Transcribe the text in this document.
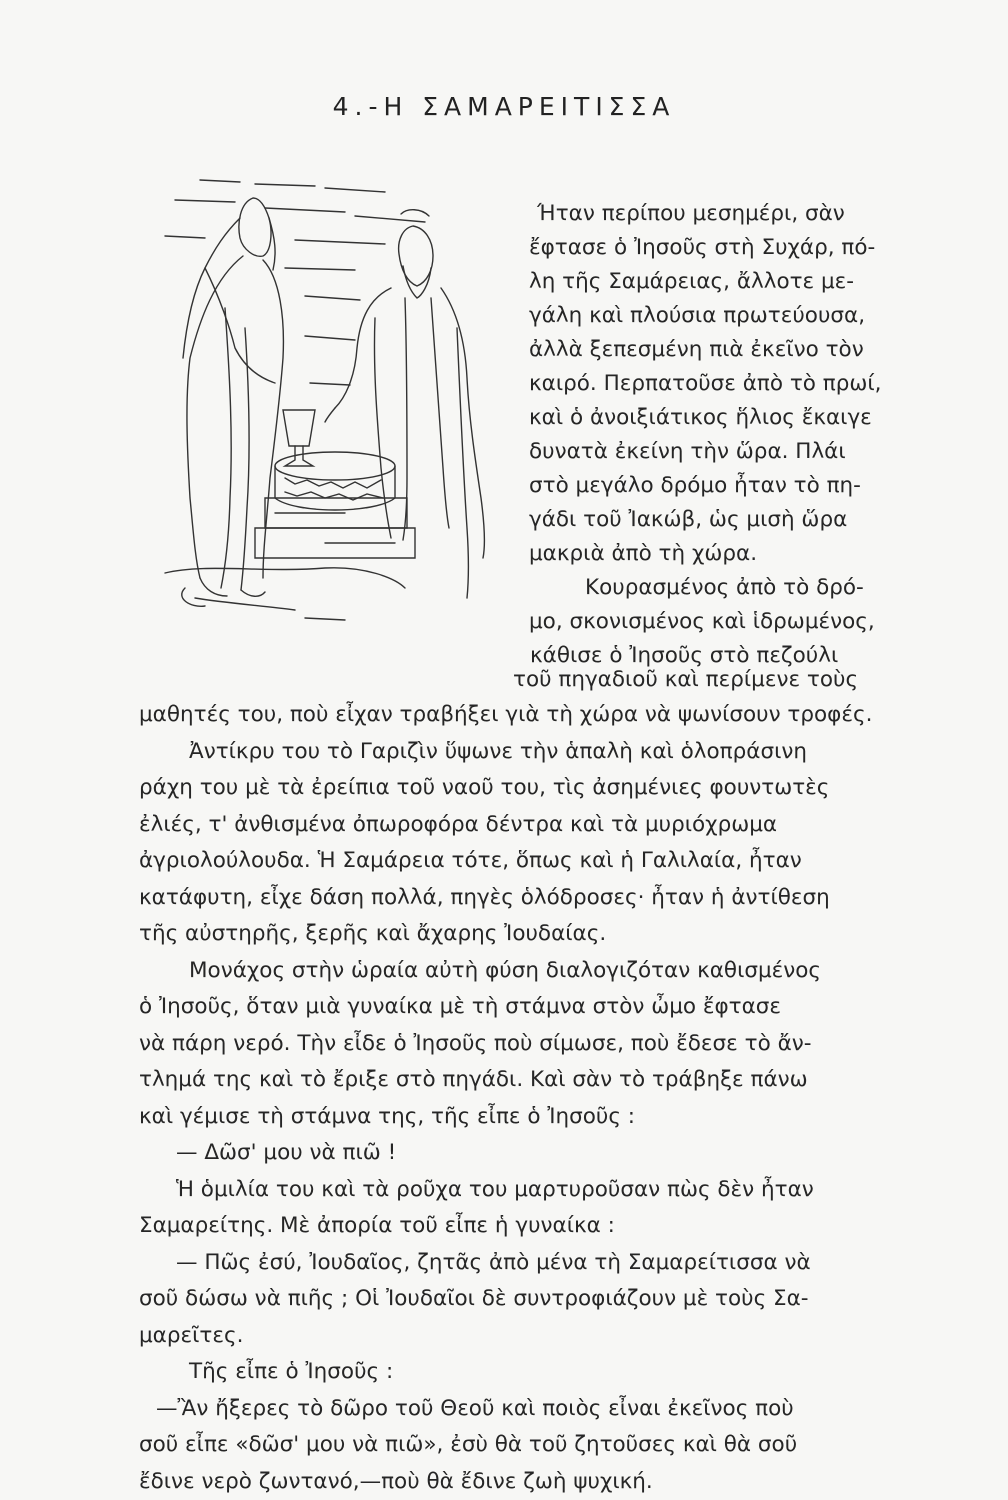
4.-Η ΣΑΜΑΡΕΙΤΙΣΣΑ
Ήταν περίπου μεσημέρι, σὰν
ἔφτασε ὁ Ἰησοῦς στὴ Συχάρ, πό-
λη τῆς Σαμάρειας, ἄλλοτε με-
γάλη καὶ πλούσια πρωτεύουσα,
ἀλλὰ ξεπεσμένη πιὰ ἐκεῖνο τὸν
καιρό. Περπατοῦσε ἀπὸ τὸ πρωί,
καὶ ὁ ἀνοιξιάτικος ἥλιος ἔκαιγε
δυνατὰ ἐκείνη τὴν ὥρα. Πλάι
στὸ μεγάλο δρόμο ἦταν τὸ πη-
γάδι τοῦ Ἰακώβ, ὡς μισὴ ὥρα
μακριὰ ἀπὸ τὴ χώρα.
Κουρασμένος ἀπὸ τὸ δρό-
μο, σκονισμένος καὶ ἱδρωμένος,
κάθισε ὁ Ἰησοῦς στὸ πεζούλι
τοῦ πηγαδιοῦ καὶ περίμενε τοὺς
μαθητές του, ποὺ εἶχαν τραβήξει γιὰ τὴ χώρα νὰ ψωνίσουν τροφές.
Ἀντίκρυ του τὸ Γαριζὶν ὕψωνε τὴν ἁπαλὴ καὶ ὁλοπράσινη
ράχη του μὲ τὰ ἐρείπια τοῦ ναοῦ του, τὶς ἀσημένιες φουντωτὲς
ἐλιές, τ' ἀνθισμένα ὀπωροφόρα δέντρα καὶ τὰ μυριόχρωμα
ἀγριολούλουδα. Ἡ Σαμάρεια τότε, ὅπως καὶ ἡ Γαλιλαία, ἦταν
κατάφυτη, εἶχε δάση πολλά, πηγὲς ὁλόδροσες· ἦταν ἡ ἀντίθεση
τῆς αὐστηρῆς, ξερῆς καὶ ἄχαρης Ἰουδαίας.
Μονάχος στὴν ὡραία αὐτὴ φύση διαλογιζόταν καθισμένος
ὁ Ἰησοῦς, ὅταν μιὰ γυναίκα μὲ τὴ στάμνα στὸν ὦμο ἔφτασε
νὰ πάρη νερό. Τὴν εἶδε ὁ Ἰησοῦς ποὺ σίμωσε, ποὺ ἔδεσε τὸ ἄν-
τλημά της καὶ τὸ ἔριξε στὸ πηγάδι. Καὶ σὰν τὸ τράβηξε πάνω
καὶ γέμισε τὴ στάμνα της, τῆς εἶπε ὁ Ἰησοῦς :
— Δῶσ' μου νὰ πιῶ !
Ἡ ὁμιλία του καὶ τὰ ροῦχα του μαρτυροῦσαν πὼς δὲν ἦταν
Σαμαρείτης. Μὲ ἀπορία τοῦ εἶπε ἡ γυναίκα :
— Πῶς ἐσύ, Ἰουδαῖος, ζητᾶς ἀπὸ μένα τὴ Σαμαρείτισσα νὰ
σοῦ δώσω νὰ πιῆς ; Οἱ Ἰουδαῖοι δὲ συντροφιάζουν μὲ τοὺς Σα-
μαρεῖτες.
Τῆς εἶπε ὁ Ἰησοῦς :
—Ἂν ἤξερες τὸ δῶρο τοῦ Θεοῦ καὶ ποιὸς εἶναι ἐκεῖνος ποὺ
σοῦ εἶπε «δῶσ' μου νὰ πιῶ», ἐσὺ θὰ τοῦ ζητοῦσες καὶ θὰ σοῦ
ἔδινε νερὸ ζωντανό,—ποὺ θὰ ἔδινε ζωὴ ψυχική.
